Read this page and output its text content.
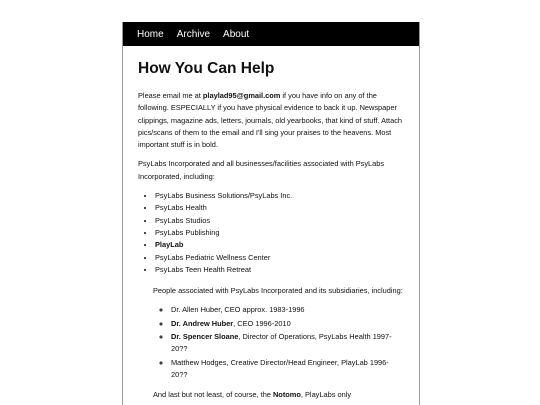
Home Archive About
How You Can Help

Please email me at playlad95@gmail.com if you have info on any of the following. ESPECIALLY if you have physical evidence to back it up. Newspaper clippings, magazine ads, letters, journals, old yearbooks, that kind of stuff. Attach pics/scans of them to the email and I'll sing your praises to the heavens. Most important stuff is in bold.

PsyLabs Incorporated and all businesses/facilities associated with PsyLabs Incorporated, including:

• PsyLabs Business Solutions/PsyLabs Inc.
• PsyLabs Health
• PsyLabs Studios
• PsyLabs Publishing
• PlayLab
• PsyLabs Pediatric Wellness Center
• PsyLabs Teen Health Retreat

People associated with PsyLabs Incorporated and its subsidiaries, including:

◦ Dr. Allen Huber, CEO approx. 1983-1996
◦ Dr. Andrew Huber, CEO 1996-2010
◦ Dr. Spencer Sloane, Director of Operations, PsyLabs Health 1997-20??
◦ Matthew Hodges, Creative Director/Head Engineer, PlayLab 1996-20??

And last but not least, of course, the Notomo, PlayLabs only
